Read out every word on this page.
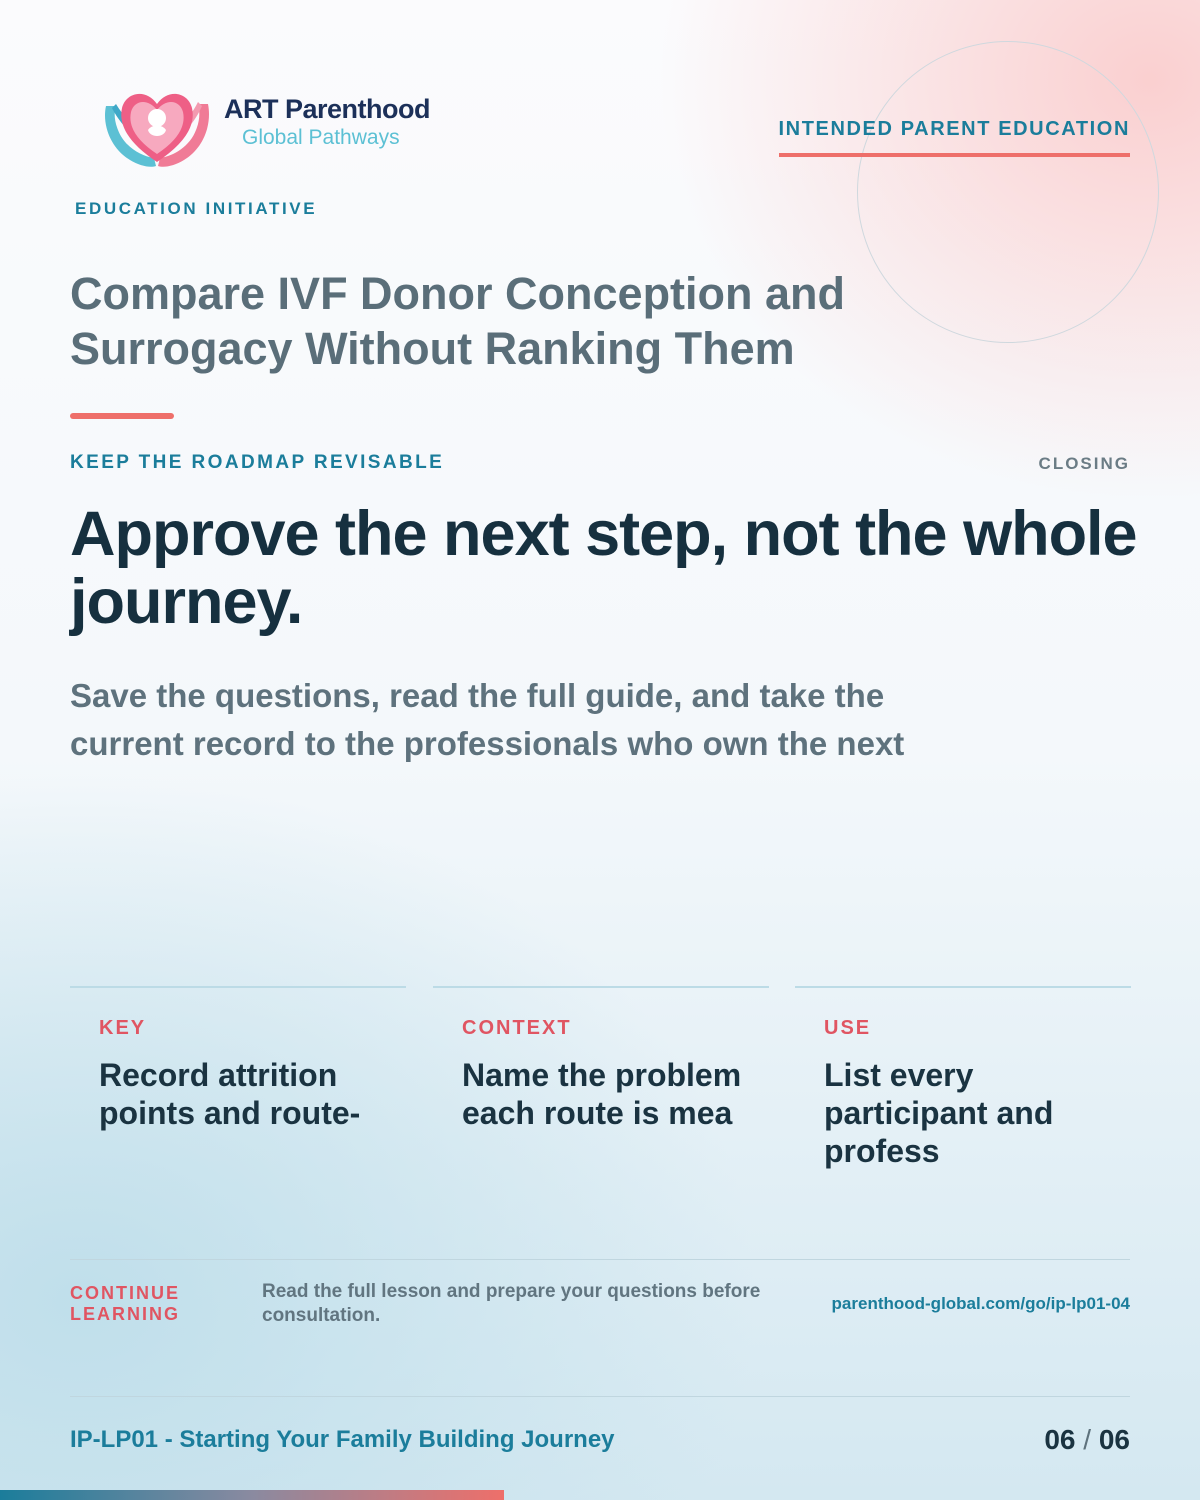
ART Parenthood
Global Pathways
EDUCATION INITIATIVE
INTENDED PARENT EDUCATION
Compare IVF Donor Conception and Surrogacy Without Ranking Them
KEEP THE ROADMAP REVISABLE	CLOSING
Approve the next step, not the whole journey.

Save the questions, read the full guide, and take the current record to the professionals who own the next

KEY
Record attrition points and route-
CONTEXT
Name the problem each route is mea
USE
List every participant and profess
CONTINUE LEARNING
Read the full lesson and prepare your questions before consultation.
parenthood-global.com/go/ip-lp01-04
IP-LP01 - Starting Your Family Building Journey	06 / 06
